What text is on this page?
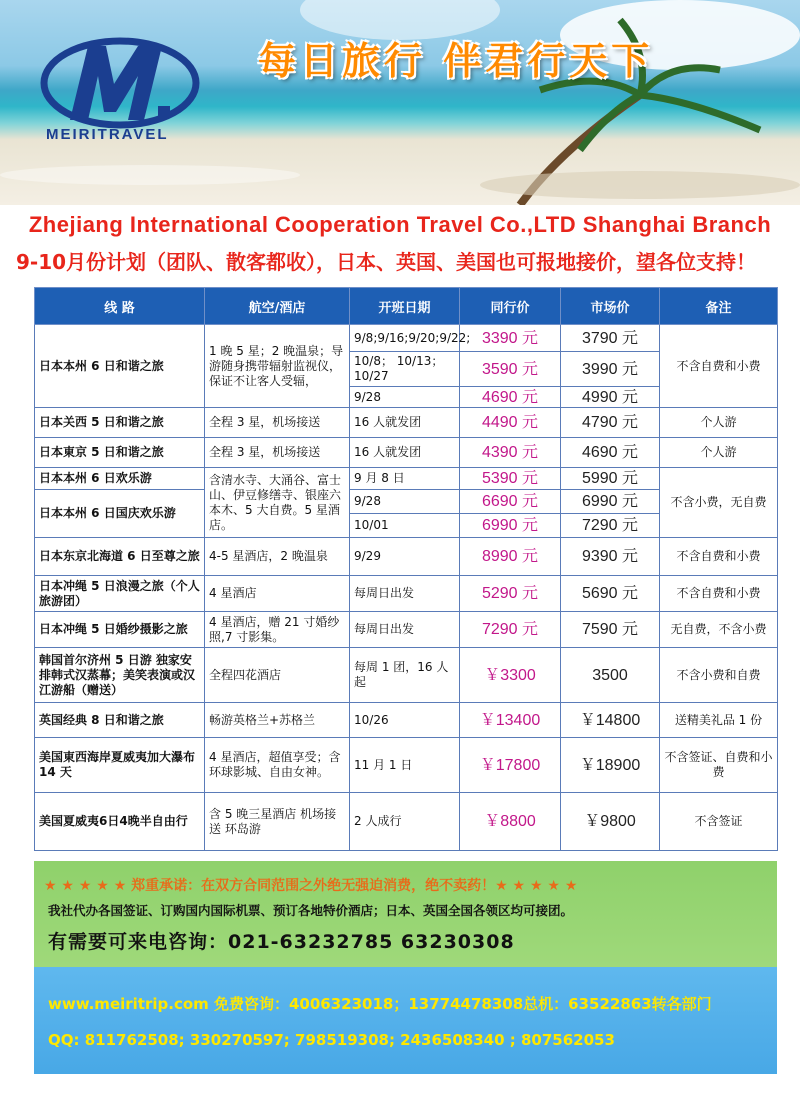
MEIRITRAVEL
每日旅行 伴君行天下
Zhejiang International Cooperation Travel Co.,LTD Shanghai Branch
9-10月份计划（团队、散客都收），日本、英国、美国也可报地接价，望各位支持！
线 路	航空/酒店	开班日期	同行价	市场价	备注
日本本州 6 日和谐之旅	1 晚 5 星；2 晚温泉；导游随身携带辐射监视仪，保证不让客人受辐，	9/8;9/16;9/20;9/22;	3390 元	3790 元	不含自费和小费
		10/8； 10/13；10/27	3590 元	3990 元	
		9/28	4690 元	4990 元	
日本关西 5 日和谐之旅	全程 3 星，机场接送	16 人就发团	4490 元	4790 元	个人游
日本東京 5 日和谐之旅	全程 3 星，机场接送	16 人就发团	4390 元	4690 元	个人游
日本本州 6 日欢乐游	含清水寺、大涌谷、富士山、伊豆修缮寺、银座六本木、5 大自费。5 星酒店。	9 月 8 日	5390 元	5990 元	不含小费，无自费
日本本州 6 日国庆欢乐游		9/28	6690 元	6990 元	
		10/01	6990 元	7290 元	
日本东京北海道 6 日至尊之旅	4-5 星酒店，2 晚温泉	9/29	8990 元	9390 元	不含自费和小费
日本冲绳 5 日浪漫之旅（个人旅游团）	4 星酒店	每周日出发	5290 元	5690 元	不含自费和小费
日本冲绳 5 日婚纱摄影之旅	4 星酒店，赠 21 寸婚纱照,7 寸影集。	每周日出发	7290 元	7590 元	无自费，不含小费
韩国首尔济州 5 日游 独家安排韩式汉蒸幕；美笑表演或汉江游船（赠送）	全程四花酒店	每周 1 团，16 人起	￥3300	3500	不含小费和自费
英国经典 8 日和谐之旅	畅游英格兰+苏格兰	10/26	￥13400	￥14800	送精美礼品 1 份
美国東西海岸夏威夷加大瀑布 14 天	4 星酒店，超值享受；含环球影城、自由女神。	11 月 1 日	￥17800	￥18900	不含签证、自费和小费
美国夏威夷6日4晚半自由行	含 5 晚三星酒店 机场接送 环岛游	2 人成行	￥8800	￥9800	不含签证
★ ★ ★ ★ ★ 郑重承诺：在双方合同范围之外绝无强迫消费，绝不卖药！★ ★ ★ ★ ★
我社代办各国签证、订购国内国际机票、预订各地特价酒店；日本、英国全国各领区均可接团。
有需要可来电咨询：021-63232785 63230308
www.meiritrip.com 免费咨询：4006323018；13774478308总机：63522863转各部门
QQ: 811762508; 330270597; 798519308; 2436508340 ; 807562053
